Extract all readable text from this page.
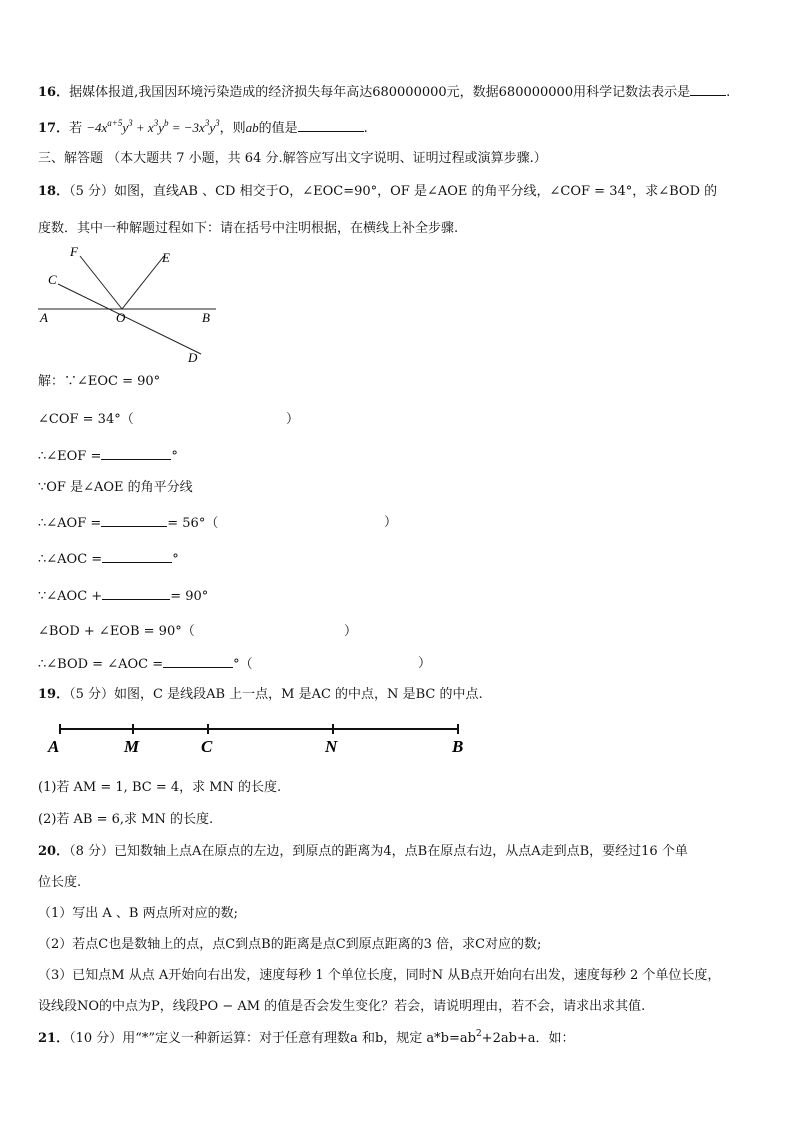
16．据媒体报道,我国因环境污染造成的经济损失每年高达680000000元，数据680000000用科学记数法表示是	.
17．若 $-4x^{a+5}y^3 + x^3y^b = -3x^3y^3$，则ab的值是	.
三、解答题 （本大题共 7 小题，共 64 分.解答应写出文字说明、证明过程或演算步骤.）
18．（5 分）如图，直线AB 、CD 相交于O，∠EOC=90°，OF 是∠AOE 的角平分线，∠COF = 34°，求∠BOD 的
度数．其中一种解题过程如下：请在括号中注明根据，在横线上补全步骤.
F	E
C
A	O	B
D
解：∵∠EOC = 90°
∠COF = 34°（	）
∴∠EOF =	°
∵OF 是∠AOE 的角平分线
∴∠AOF =	= 56°（	）
∴∠AOC =	°
∵∠AOC +	= 90°
∠BOD + ∠EOB = 90°（	）
∴∠BOD = ∠AOC =	°（	）
19．（5 分）如图，C 是线段AB 上一点，M 是AC 的中点，N 是BC 的中点.
A	M	C	N	B
(1)若 AM = 1, BC = 4，求 MN 的长度.
(2)若 AB = 6,求 MN 的长度.
20．（8 分）已知数轴上点A在原点的左边，到原点的距离为4，点B在原点右边，从点A走到点B，要经过16 个单
位长度.
（1）写出 A 、B 两点所对应的数;
（2）若点C也是数轴上的点，点C到点B的距离是点C到原点距离的3 倍，求C对应的数;
（3）已知点M 从点 A开始向右出发，速度每秒 1 个单位长度，同时N 从B点开始向右出发，速度每秒 2 个单位长度，
设线段NO的中点为P，线段PO − AM 的值是否会发生变化？若会，请说明理由，若不会，请求出求其值.
21．（10 分）用“*”定义一种新运算：对于任意有理数a 和b，规定 $a*b=ab^2+2ab+a$．如：
